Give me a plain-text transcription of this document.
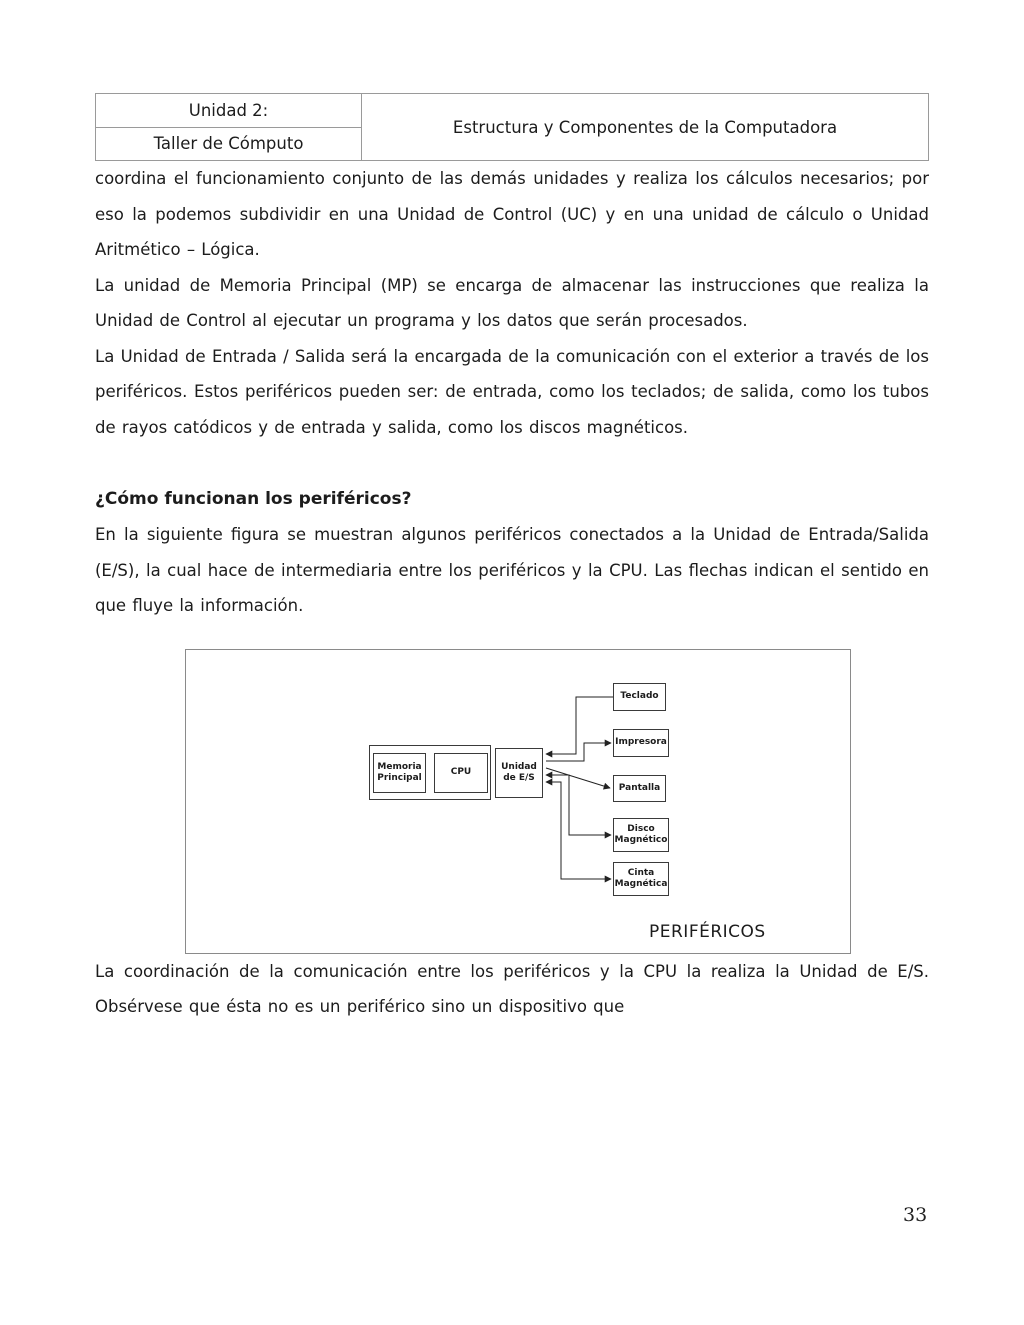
Unidad 2:
Taller de Cómputo
Estructura y Componentes de la Computadora

coordina el funcionamiento conjunto de las demás unidades y realiza los cálculos necesarios; por eso la podemos subdividir en una Unidad de Control (UC) y en una unidad de cálculo o Unidad Aritmético – Lógica.

La unidad de Memoria Principal (MP) se encarga de almacenar las instrucciones que realiza la Unidad de Control al ejecutar un programa y los datos que serán procesados.

La Unidad de Entrada / Salida será la encargada de la comunicación con el exterior a través de los periféricos. Estos periféricos pueden ser: de entrada, como los teclados; de salida, como los tubos de rayos catódicos y de entrada y salida, como los discos magnéticos.

¿Cómo funcionan los periféricos?

En la siguiente figura se muestran algunos periféricos conectados a la Unidad de Entrada/Salida (E/S), la cual hace de intermediaria entre los periféricos y la CPU. Las flechas indican el sentido en que fluye la información.

Memoria
Principal
CPU
Unidad
de E/S
Teclado
Impresora
Pantalla
Disco
Magnético
Cinta
Magnética
PERIFÉRICOS

La coordinación de la comunicación entre los periféricos y la CPU la realiza la Unidad de E/S. Obsérvese que ésta no es un periférico sino un dispositivo que

33
